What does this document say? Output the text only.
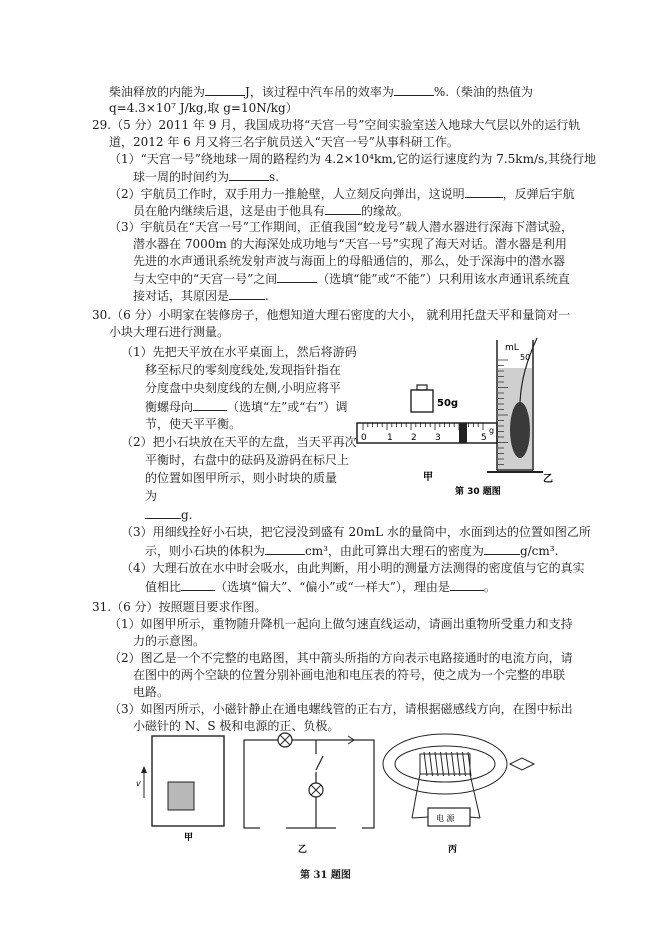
柴油释放的内能为	J，该过程中汽车吊的效率为	%.（柴油的热值为
q=4.3×10⁷ J/kg,取 g=10N/kg）
29.（5 分）2011 年 9 月，我国成功将“天宫一号”空间实验室送入地球大气层以外的运行轨
道，2012 年 6 月又将三名宇航员送入“天宫一号”从事科研工作。
（1）“天宫一号”绕地球一周的路程约为 4.2×10⁴km,它的运行速度约为 7.5km/s,其绕行地
球一周的时间约为	s.
（2）宇航员工作时，双手用力一推舱壁，人立刻反向弹出，这说明	，反弹后宇航
员在舱内继续后退，这是由于他具有	的缘故。
（3）宇航员在“天宫一号”工作期间，正值我国“蛟龙号”载人潜水器进行深海下潜试验，
潜水器在 7000m 的大海深处成功地与“天宫一号”实现了海天对话。潜水器是利用
先进的水声通讯系统发射声波与海面上的母船通信的，那么，处于深海中的潜水器
与太空中的“天宫一号”之间	（选填“能”或“不能”）只利用该水声通讯系统直
接对话，其原因是	.
30.（6 分）小明家在装修房子，他想知道大理石密度的大小， 就利用托盘天平和量筒对一
小块大理石进行测量。
（1）先把天平放在水平桌面上，然后将游码
移至标尺的零刻度线处,发现指针指在
分度盘中央刻度线的左侧,小明应将平
衡螺母向	（选填“左”或“右”）调
节，使天平平衡。
（2）把小石块放在天平的左盘，当天平再次
平衡时，右盘中的砝码及游码在标尺上
的位置如图甲所示，则小时块的质量
为
g.
（3）用细线拴好小石块，把它浸没到盛有 20mL 水的量筒中，水面到达的位置如图乙所
示，则小石块的体积为	cm³，由此可算出大理石的密度为	g/cm³.
（4）大理石放在水中时会吸水，由此判断，用小明的测量方法测得的密度值与它的真实
值相比	（选填“偏大”、“偏小”或“一样大”），理由是	。
50g
0 1 2 3	5
g
甲
mL
50
乙
第 30 题图
31.（6 分）按照题目要求作图。
（1）如图甲所示，重物随升降机一起向上做匀速直线运动，请画出重物所受重力和支持
力的示意图。
（2）图乙是一个不完整的电路图，其中箭头所指的方向表示电路接通时的电流方向，请
在图中的两个空缺的位置分别补画电池和电压表的符号，使之成为一个完整的串联
电路。
（3）如图丙所示，小磁针静止在通电螺线管的正右方，请根据磁感线方向，在图中标出
小磁针的 N、S 极和电源的正、负极。
v
甲
乙
电 源
丙
第 31 题图
